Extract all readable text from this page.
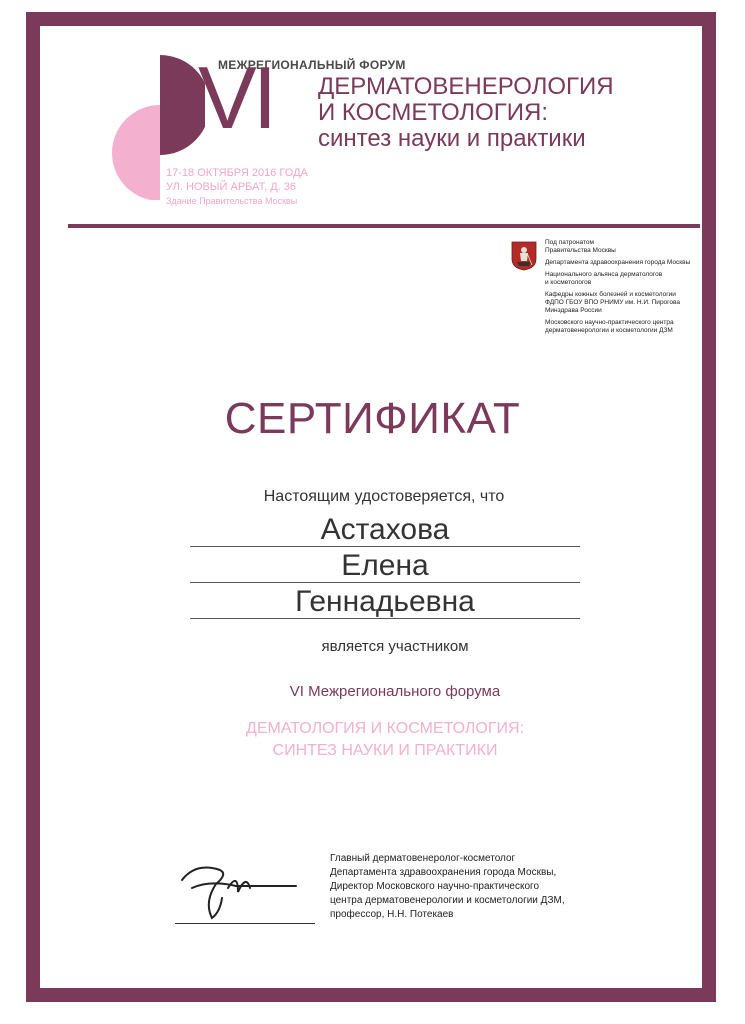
МЕЖРЕГИОНАЛЬНЫЙ ФОРУМ
VI ДЕРМАТОВЕНЕРОЛОГИЯ
И КОСМЕТОЛОГИЯ:
синтез науки и практики
17-18 ОКТЯБРЯ 2016 ГОДА
УЛ. НОВЫЙ АРБАТ, Д. 36
Здание Правительства Москвы
Под патронатом
Правительства Москвы
Департамента здравоохранения города Москвы
Национального альянса дерматологов
и косметологов
Кафедры кожных болезней и косметологии
ФДПО ГБОУ ВПО РНИМУ им. Н.И. Пирогова
Минздрава России
Московского научно-практического центра
дерматовенерологии и косметологии ДЗМ
СЕРТИФИКАТ
Настоящим удостоверяется, что
Астахова
Елена
Геннадьевна
является участником
VI Межрегионального форума
ДЕМАТОЛОГИЯ И КОСМЕТОЛОГИЯ:
СИНТЕЗ НАУКИ И ПРАКТИКИ
Главный дерматовенеролог-косметолог
Департамента здравоохранения города Москвы,
Директор Московского научно-практического
центра дерматовенерологии и косметологии ДЗМ,
профессор, Н.Н. Потекаев
